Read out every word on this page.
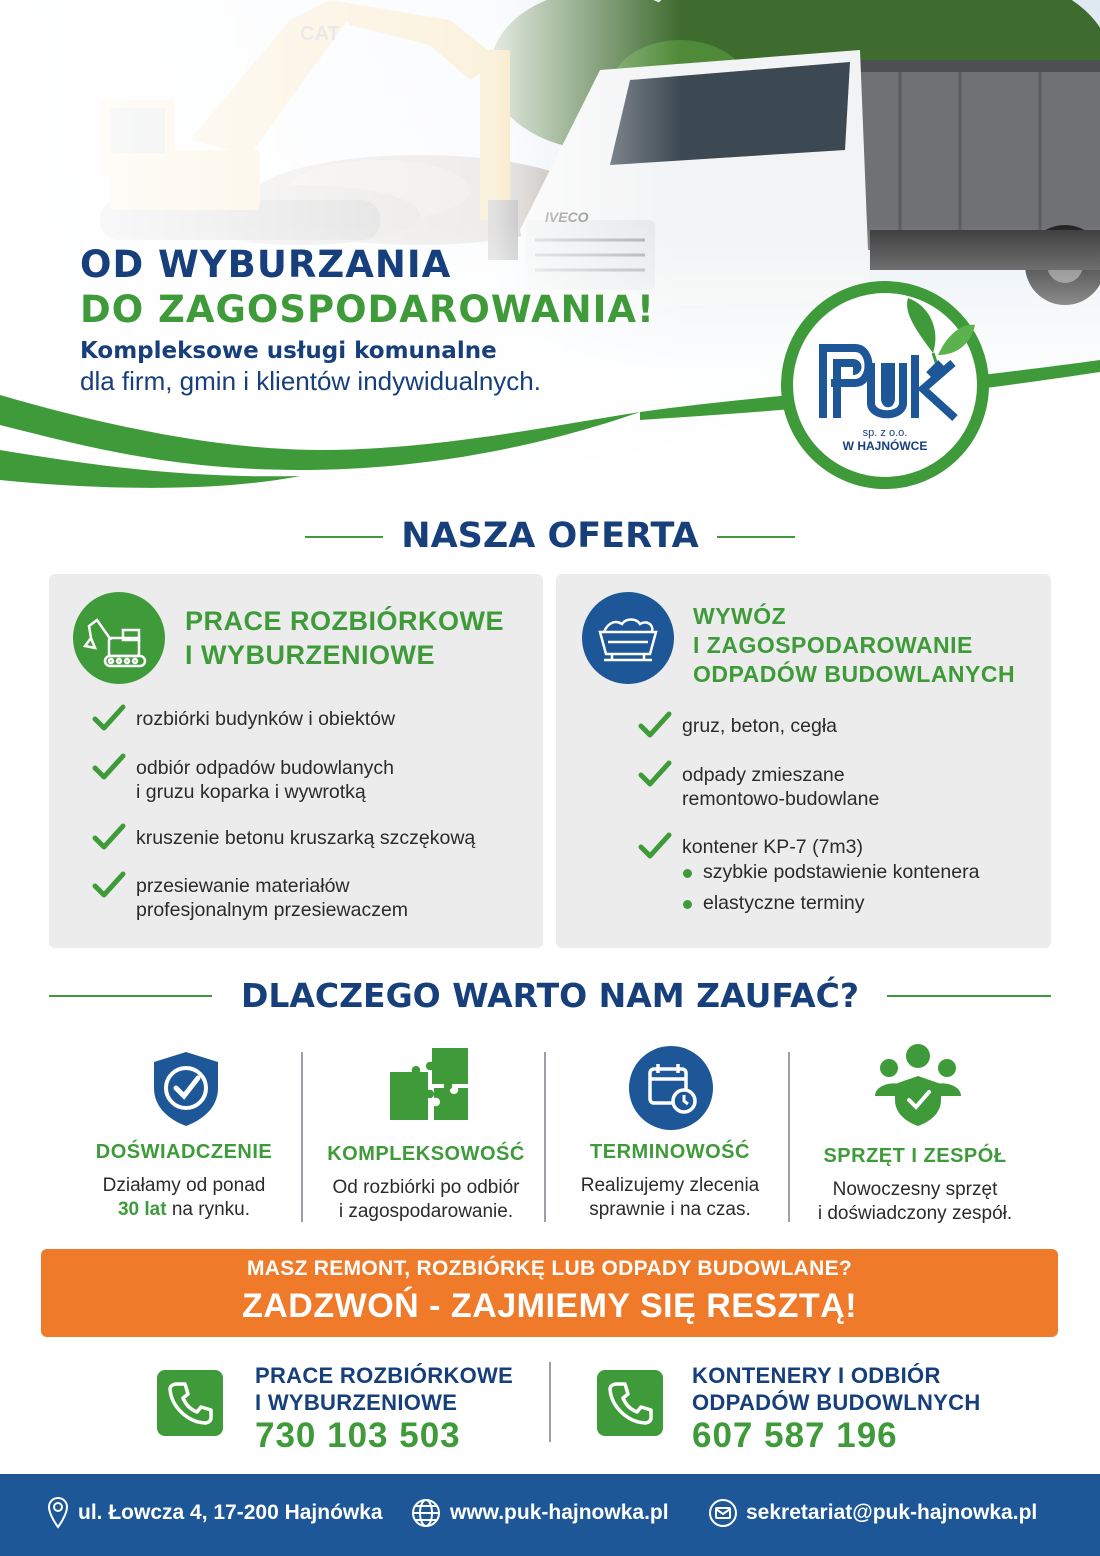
OD WYBURZANIA
DO ZAGOSPODAROWANIA!
Kompleksowe usługi komunalne
dla firm, gmin i klientów indywidualnych.
sp. z o.o.
W HAJNÓWCE
NASZA OFERTA
PRACE ROZBIÓRKOWE
I WYBURZENIOWE
rozbiórki budynków i obiektów
odbiór odpadów budowlanych
i gruzu koparka i wywrotką
kruszenie betonu kruszarką szczękową
przesiewanie materiałów
profesjonalnym przesiewaczem
WYWÓZ
I ZAGOSPODAROWANIE
ODPADÓW BUDOWLANYCH
gruz, beton, cegła
odpady zmieszane
remontowo-budowlane
kontener KP-7 (7m3)
szybkie podstawienie kontenera
elastyczne terminy
DLACZEGO WARTO NAM ZAUFAĆ?
DOŚWIADCZENIE
Działamy od ponad
30 lat na rynku.
KOMPLEKSOWOŚĆ
Od rozbiórki po odbiór
i zagospodarowanie.
TERMINOWOŚĆ
Realizujemy zlecenia
sprawnie i na czas.
SPRZĘT I ZESPÓŁ
Nowoczesny sprzęt
i doświadczony zespół.
MASZ REMONT, ROZBIÓRKĘ LUB ODPADY BUDOWLANE?
ZADZWOŃ - ZAJMIEMY SIĘ RESZTĄ!
PRACE ROZBIÓRKOWE
I WYBURZENIOWE
730 103 503
KONTENERY I ODBIÓR
ODPADÓW BUDOWLNYCH
607 587 196
ul. Łowcza 4, 17-200 Hajnówka	www.puk-hajnowka.pl	sekretariat@puk-hajnowka.pl
